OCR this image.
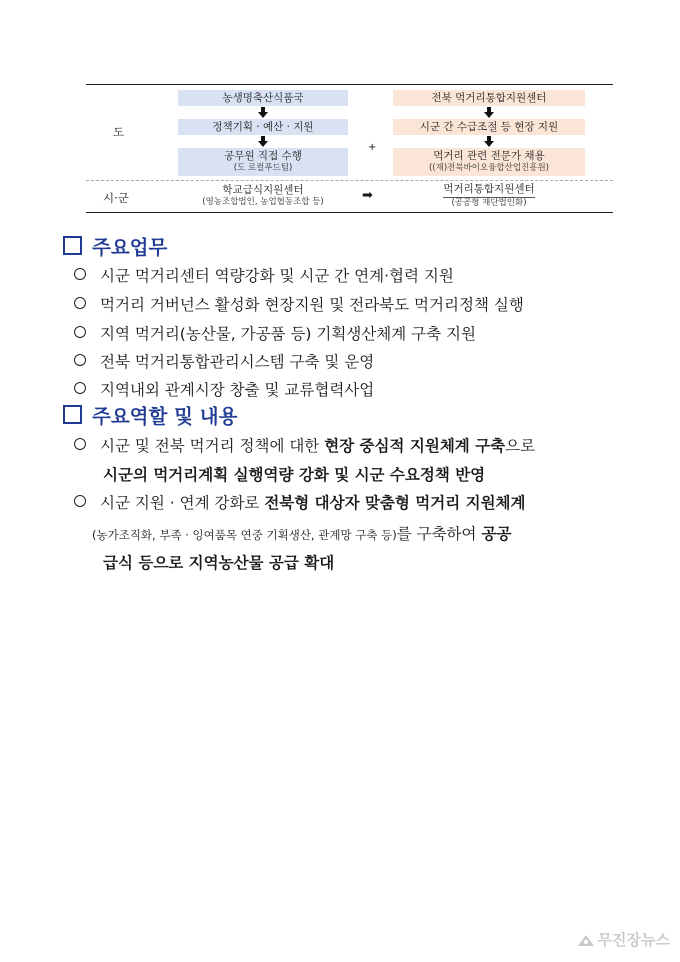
도
시·군
농생명축산식품국
정책기획 · 예산 · 지원
공무원 직접 수행
(도 로컬푸드팀)
학교급식지원센터
(영농조합법인, 농업협동조합 등)
+
➡
전북 먹거리통합지원센터
시군 간 수급조절 등 현장 지원
먹거리 관련 전문가 채용
((재)전북바이오융합산업진흥원)
먹거리통합지원센터
(공공형 재단법인화)
주요업무
시군 먹거리센터 역량강화 및 시군 간 연계·협력 지원
먹거리 거버넌스 활성화 현장지원 및 전라북도 먹거리정책 실행
지역 먹거리(농산물, 가공품 등) 기획생산체계 구축 지원
전북 먹거리통합관리시스템 구축 및 운영
지역내외 관계시장 창출 및 교류협력사업
주요역할 및 내용
시군 및 전북 먹거리 정책에 대한 현장 중심적 지원체계 구축으로
시군의 먹거리계획 실행역량 강화 및 시군 수요정책 반영
시군 지원 · 연계 강화로 전북형 대상자 맞춤형 먹거리 지원체계
(농가조직화, 부족 · 잉여품목 연중 기획생산, 관계망 구축 등)를 구축하여 공공
급식 등으로 지역농산물 공급 확대
무진장뉴스
